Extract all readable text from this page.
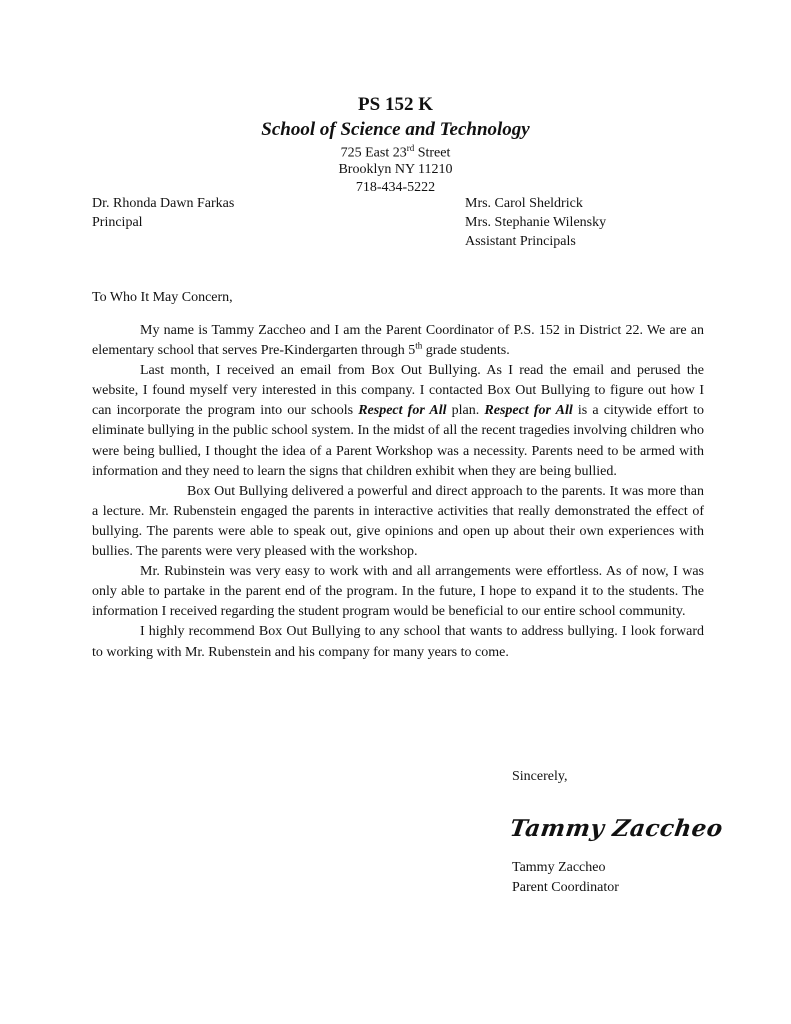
PS 152 K
School of Science and Technology
725 East 23rd Street
Brooklyn NY 11210
718-434-5222
Dr. Rhonda Dawn Farkas
Principal
Mrs. Carol Sheldrick
Mrs. Stephanie Wilensky
Assistant Principals
To Who It May Concern,

My name is Tammy Zaccheo and I am the Parent Coordinator of P.S. 152 in District 22. We are an elementary school that serves Pre-Kindergarten through 5th grade students.

Last month, I received an email from Box Out Bullying. As I read the email and perused the website, I found myself very interested in this company. I contacted Box Out Bullying to figure out how I can incorporate the program into our schools Respect for All plan. Respect for All is a citywide effort to eliminate bullying in the public school system. In the midst of all the recent tragedies involving children who were being bullied, I thought the idea of a Parent Workshop was a necessity. Parents need to be armed with information and they need to learn the signs that children exhibit when they are being bullied.

Box Out Bullying delivered a powerful and direct approach to the parents. It was more than a lecture. Mr. Rubenstein engaged the parents in interactive activities that really demonstrated the effect of bullying. The parents were able to speak out, give opinions and open up about their own experiences with bullies. The parents were very pleased with the workshop.

Mr. Rubinstein was very easy to work with and all arrangements were effortless. As of now, I was only able to partake in the parent end of the program. In the future, I hope to expand it to the students. The information I received regarding the student program would be beneficial to our entire school community.

I highly recommend Box Out Bullying to any school that wants to address bullying. I look forward to working with Mr. Rubenstein and his company for many years to come.

Sincerely,
Tammy Zaccheo
Tammy Zaccheo
Parent Coordinator
